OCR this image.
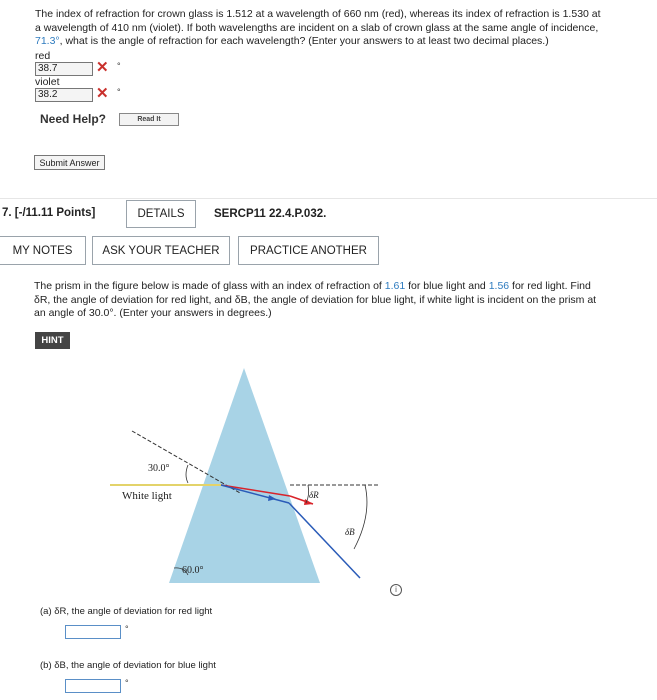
The index of refraction for crown glass is 1.512 at a wavelength of 660 nm (red), whereas its index of refraction is 1.530 at
a wavelength of 410 nm (violet). If both wavelengths are incident on a slab of crown glass at the same angle of incidence,
71.3°, what is the angle of refraction for each wavelength? (Enter your answers to at least two decimal places.)
red
38.7	✕ °
violet
38.2	✕ °
Need Help?	Read It
Submit Answer
7. [-/11.11 Points]	DETAILS	SERCP11 22.4.P.032.
MY NOTES	ASK YOUR TEACHER	PRACTICE ANOTHER
The prism in the figure below is made of glass with an index of refraction of 1.61 for blue light and 1.56 for red light. Find
δR, the angle of deviation for red light, and δB, the angle of deviation for blue light, if white light is incident on the prism at
an angle of 30.0°. (Enter your answers in degrees.)
HINT
30.0°
White light
60.0°
δR
δB
i
(a) δR, the angle of deviation for red light
°
(b) δB, the angle of deviation for blue light
°
